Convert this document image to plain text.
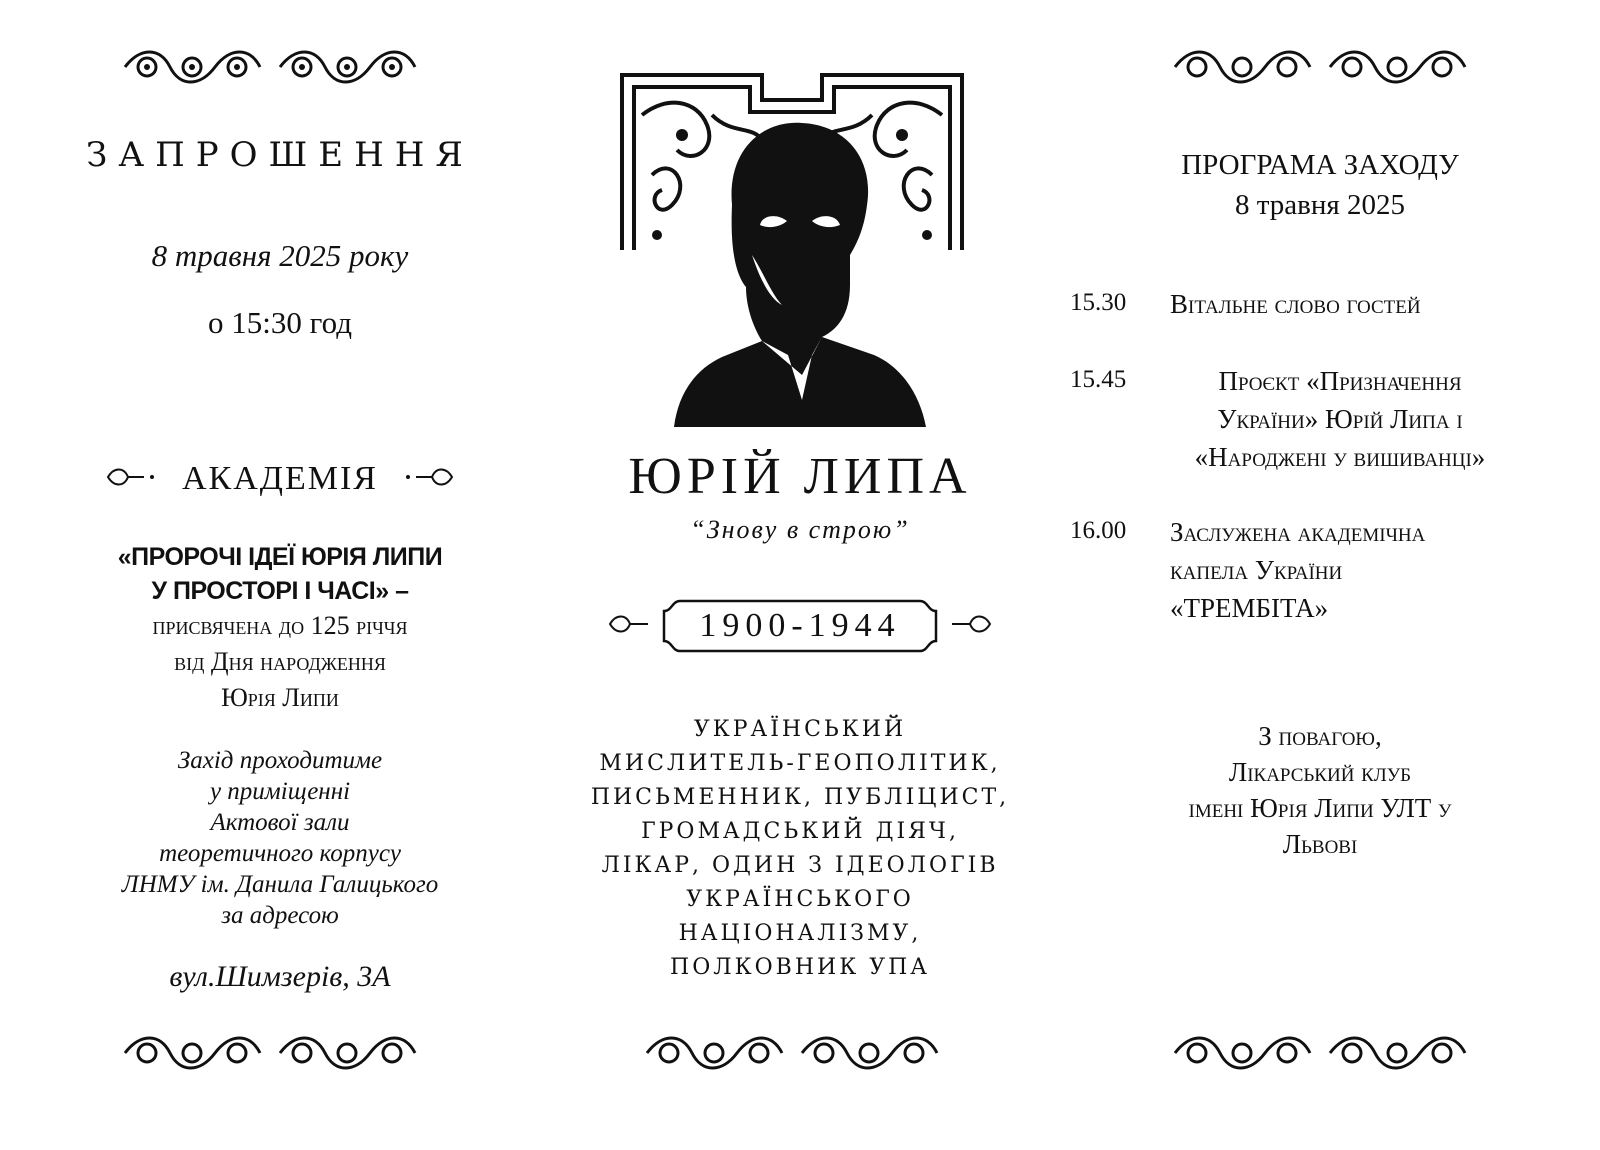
ЗАПРОШЕННЯ
8 травня 2025 року
о 15:30 год
АКАДЕМІЯ
«ПРОРОЧІ ІДЕЇ ЮРІЯ ЛИПИ
У ПРОСТОРІ І ЧАСІ» –
присвячена до 125 річчя
від Дня народження
Юрія Липи
Захід проходитиме
у приміщенні
Актової зали
теоретичного корпусу
ЛНМУ ім. Данила Галицького
за адресою
вул.Шимзерів, 3А
ЮРІЙ ЛИПА
“Знову в строю”
1900-1944
УКРАЇНСЬКИЙ
МИСЛИТЕЛЬ-ГЕОПОЛІТИК,
ПИСЬМЕННИК, ПУБЛІЦИСТ,
ГРОМАДСЬКИЙ ДІЯЧ,
ЛІКАР, ОДИН З ІДЕОЛОГІВ
УКРАЇНСЬКОГО
НАЦІОНАЛІЗМУ,
ПОЛКОВНИК УПА
ПРОГРАМА ЗАХОДУ
8 травня 2025
15.30	Вітальне слово гостей
15.45	Проєкт «Призначення
України» Юрій Липа і
«Народжені у вишиванці»
16.00	Заслужена академічна
капела України
«ТРЕМБІТА»
З повагою,
Лікарський клуб
імені Юрія Липи УЛТ у
Львові
